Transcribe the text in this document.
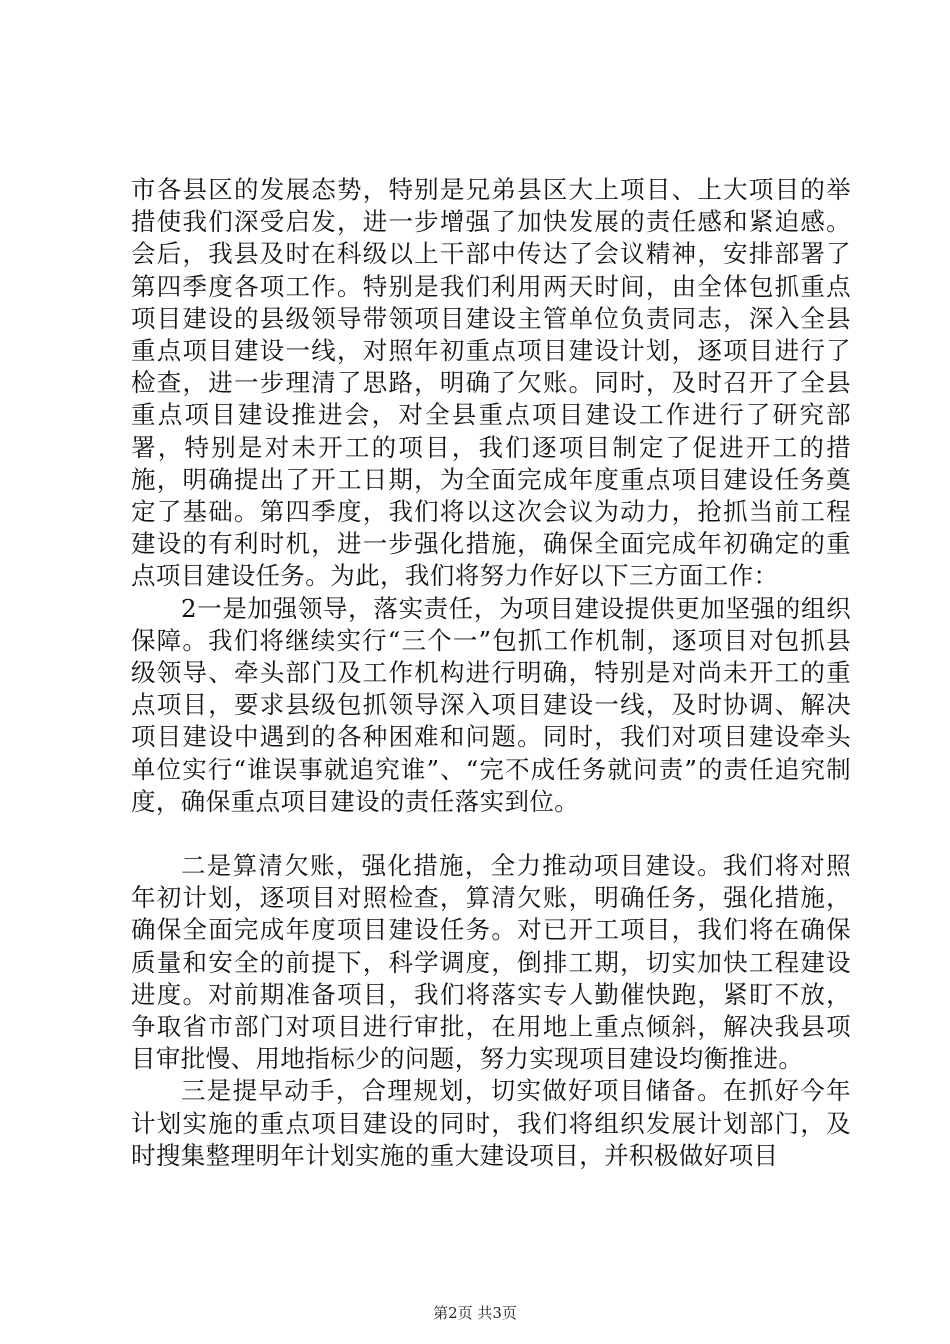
市各县区的发展态势，特别是兄弟县区大上项目、上大项目的举措使我们深受启发，进一步增强了加快发展的责任感和紧迫感。会后，我县及时在科级以上干部中传达了会议精神，安排部署了第四季度各项工作。特别是我们利用两天时间，由全体包抓重点项目建设的县级领导带领项目建设主管单位负责同志，深入全县重点项目建设一线，对照年初重点项目建设计划，逐项目进行了检查，进一步理清了思路，明确了欠账。同时，及时召开了全县重点项目建设推进会，对全县重点项目建设工作进行了研究部署，特别是对未开工的项目，我们逐项目制定了促进开工的措施，明确提出了开工日期，为全面完成年度重点项目建设任务奠定了基础。第四季度，我们将以这次会议为动力，抢抓当前工程建设的有利时机，进一步强化措施，确保全面完成年初确定的重点项目建设任务。为此，我们将努力作好以下三方面工作：

2一是加强领导，落实责任，为项目建设提供更加坚强的组织保障。我们将继续实行“三个一”包抓工作机制，逐项目对包抓县级领导、牵头部门及工作机构进行明确，特别是对尚未开工的重点项目，要求县级包抓领导深入项目建设一线，及时协调、解决项目建设中遇到的各种困难和问题。同时，我们对项目建设牵头单位实行“谁误事就追究谁”、“完不成任务就问责”的责任追究制度，确保重点项目建设的责任落实到位。

二是算清欠账，强化措施，全力推动项目建设。我们将对照年初计划，逐项目对照检查，算清欠账，明确任务，强化措施，确保全面完成年度项目建设任务。对已开工项目，我们将在确保质量和安全的前提下，科学调度，倒排工期，切实加快工程建设进度。对前期准备项目，我们将落实专人勤催快跑，紧盯不放，争取省市部门对项目进行审批，在用地上重点倾斜，解决我县项目审批慢、用地指标少的问题，努力实现项目建设均衡推进。

三是提早动手，合理规划，切实做好项目储备。在抓好今年计划实施的重点项目建设的同时，我们将组织发展计划部门，及时搜集整理明年计划实施的重大建设项目，并积极做好项目

第2页 共3页
